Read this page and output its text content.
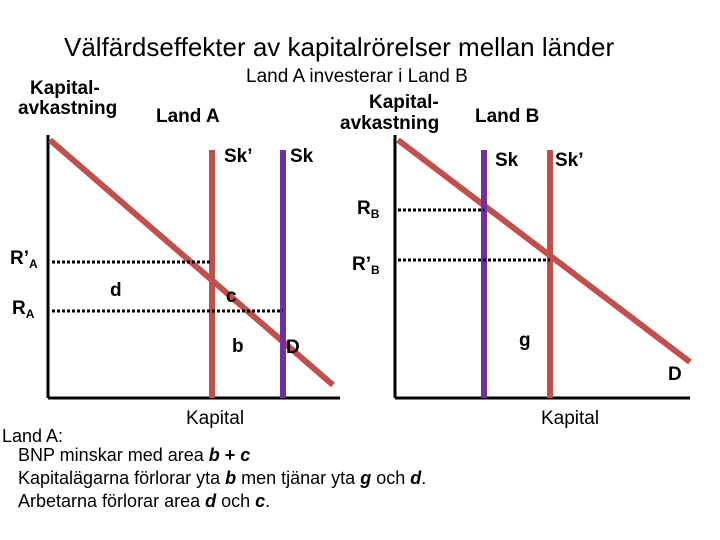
Välfärdseffekter av kapitalrörelser mellan länder
Land A investerar i Land B
Kapital-
avkastning Land A
Sk’ Sk
$R’_A$
$R_A$
d	c
b D
Kapital
Kapital-
avkastning Land B
Sk Sk’
$R_B$
$R’_B$
g
D
Kapital
Land A:
BNP minskar med area b + c
Kapitalägarna förlorar yta b men tjänar yta g och d.
Arbetarna förlorar area d och c.
